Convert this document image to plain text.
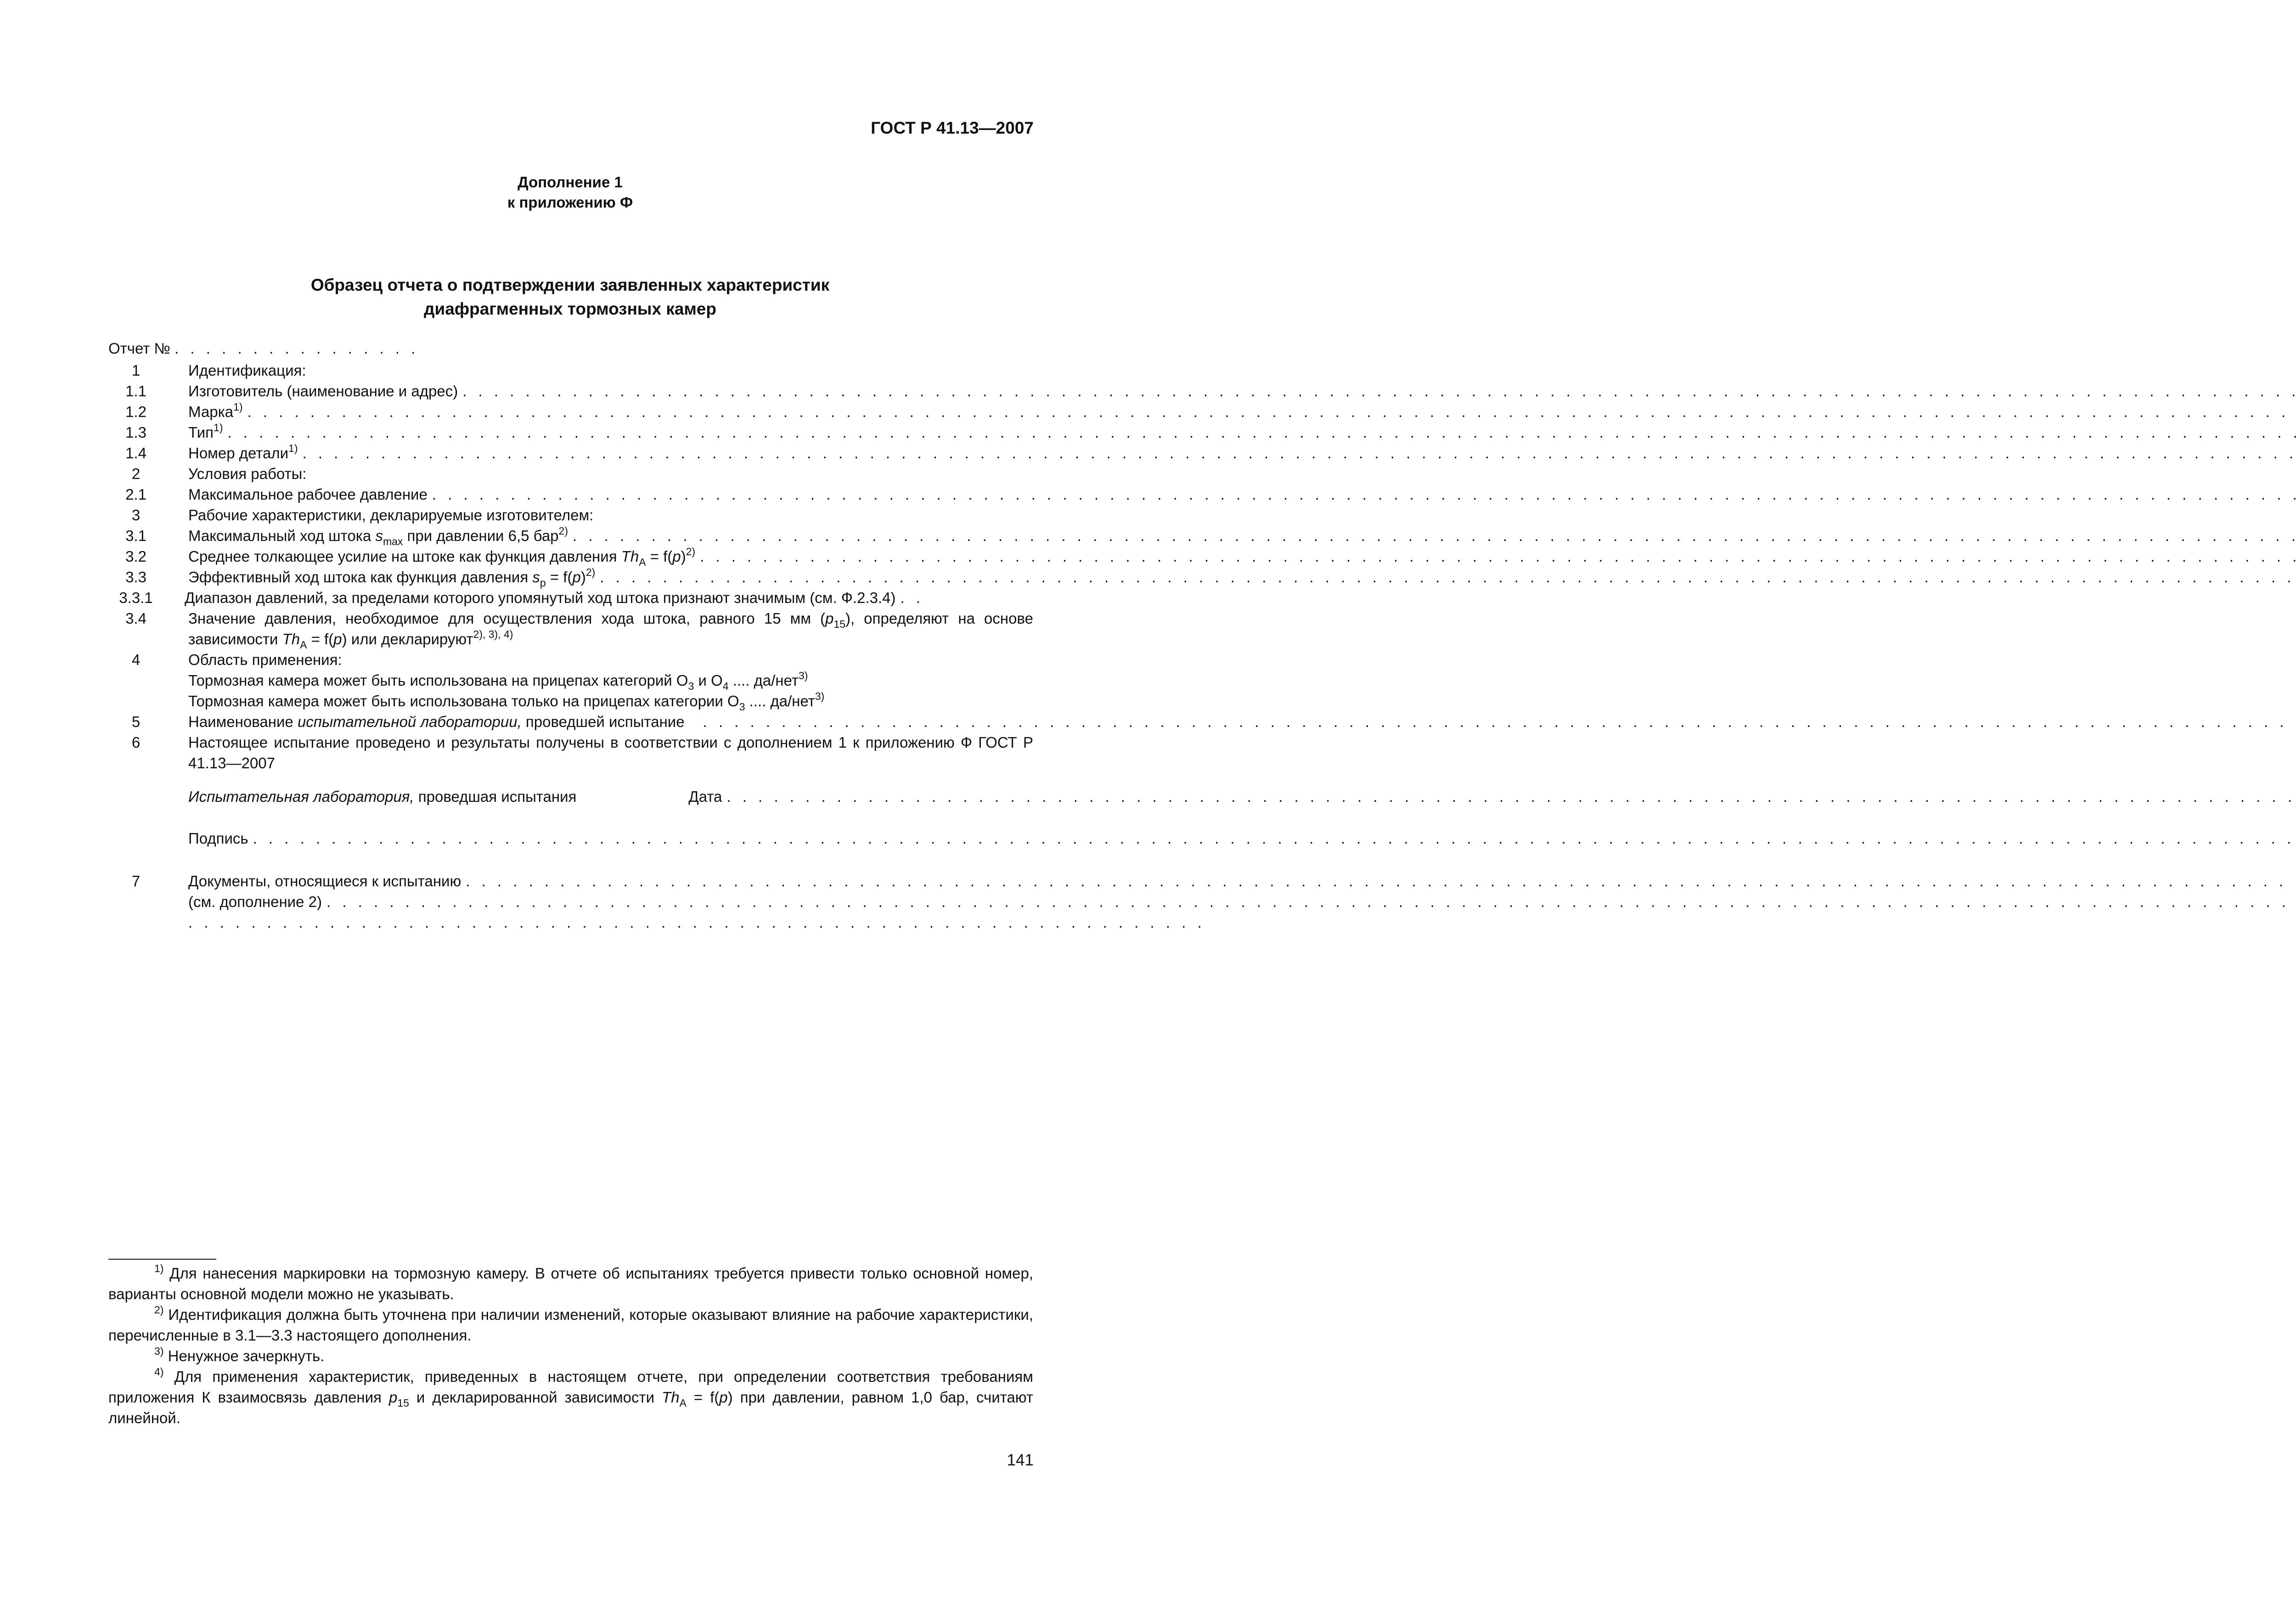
ГОСТ Р 41.13—2007
Дополнение 1
к приложению Ф
Образец отчета о подтверждении заявленных характеристик
диафрагменных тормозных камер
Отчет № . . . . . . . . . . . . . . . .
1	Идентификация:
1.1	Изготовитель (наименование и адрес)
. . .
1.2	Марка$^{1)}$
. . .
1.3	Тип$^{1)}$
. . .
1.4	Номер детали$^{1)}$
. . .
2	Условия работы:
2.1	Максимальное рабочее давление
. . .
3	Рабочие характеристики, декларируемые изготовителем:
3.1	Максимальный ход штока $s_{max}$ при давлении 6,5 бар$^{2)}$
. . .
3.2	Среднее толкающее усилие на штоке как функция давления $Th_A = f(p)^{2)}$
. . .
3.3	Эффективный ход штока как функция давления $s_p = f(p)^{2)}$
. . .
3.3.1	Диапазон давлений, за пределами которого упомянутый ход штока признают значимым (см. Ф.2.3.4) . .
3.4	Значение давления, необходимое для осуществления хода штока, равного 15 мм $(p_{15})$, определяют на основе зависимости $Th_A = f(p)$ или декларируют$^{2), 3), 4)}$
4	Область применения:
Тормозная камера может быть использована на прицепах категорий $O_3$ и $O_4$ .... да/нет$^{3)}$
Тормозная камера может быть использована только на прицепах категории $O_3$ .... да/нет$^{3)}$
5	Наименование испытательной лаборатории, проведшей испытание
. . .
6	Настоящее испытание проведено и результаты получены в соответствии с дополнением 1 к приложению Ф ГОСТ Р 41.13—2007
Испытательная лаборатория, проведшая испытания	Дата
. . .
Подпись
. . .
7	Документы, относящиеся к испытанию
. . .
(см. дополнение 2)
. . .
. . . . . . . . . . . . . . . . . . . . . . . . . . . . . . . . . . . . . . . . . . . . . . . . . . . . . . . . . . . . . . . . .

$^{1)}$ Для нанесения маркировки на тормозную камеру. В отчете об испытаниях требуется привести только основной номер, варианты основной модели можно не указывать.

$^{2)}$ Идентификация должна быть уточнена при наличии изменений, которые оказывают влияние на рабочие характеристики, перечисленные в 3.1—3.3 настоящего дополнения.

$^{3)}$ Ненужное зачеркнуть.

$^{4)}$ Для применения характеристик, приведенных в настоящем отчете, при определении соответствия требованиям приложения К взаимосвязь давления $p_{15}$ и декларированной зависимости $Th_A = f(p)$ при давлении, равном 1,0 бар, считают линейной.

141
